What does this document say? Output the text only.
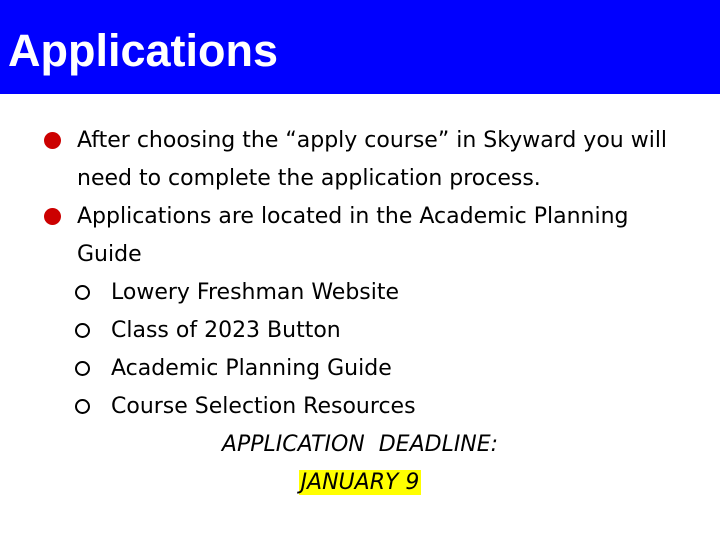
Applications
After choosing the “apply course” in Skyward you will need to complete the application process.
Applications are located in the Academic Planning Guide
Lowery Freshman Website
Class of 2023 Button
Academic Planning Guide
Course Selection Resources
APPLICATION  DEADLINE:
JANUARY 9
